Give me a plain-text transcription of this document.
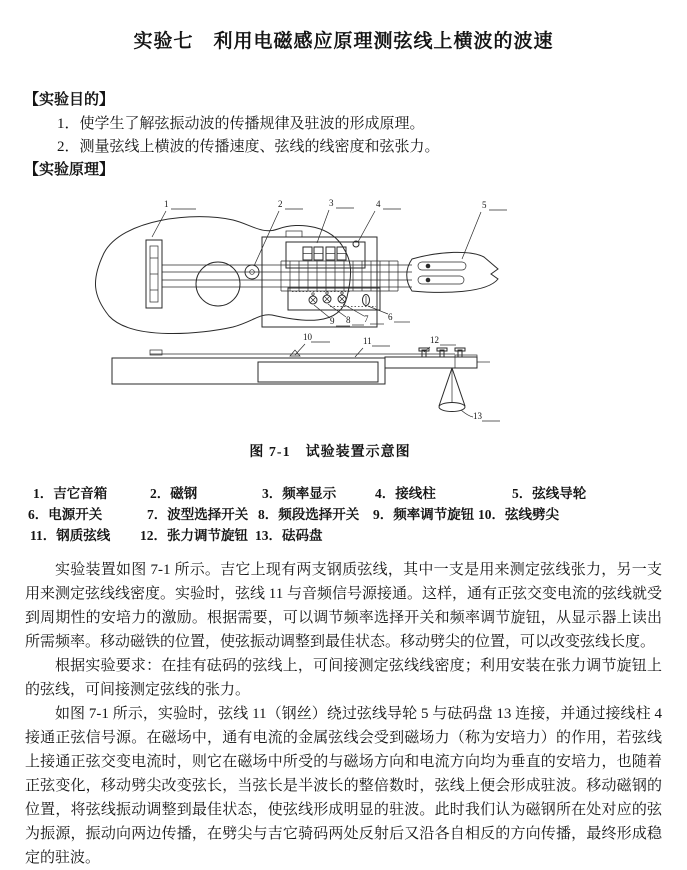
实验七　利用电磁感应原理测弦线上横波的波速
【实验目的】
1．使学生了解弦振动波的传播规律及驻波的形成原理。
2．测量弦线上横波的传播速度、弦线的线密度和弦张力。
【实验原理】
1	2	3	4	5
6
7
8
9
10	11	12
13
图 7-1　试验装置示意图
1．吉它音箱	2．磁钢	3．频率显示	4．接线柱	5．弦线导轮
6．电源开关	7．波型选择开关 8．频段选择开关 9．频率调节旋钮 10．弦线劈尖
11．钢质弦线 12．张力调节旋钮 13．砝码盘

实验装置如图 7-1 所示。吉它上现有两支钢质弦线，其中一支是用来测定弦线张力，另一支用来测定弦线线密度。实验时，弦线 11 与音频信号源接通。这样，通有正弦交变电流的弦线就受到周期性的安培力的激励。根据需要，可以调节频率选择开关和频率调节旋钮，从显示器上读出所需频率。移动磁铁的位置，使弦振动调整到最佳状态。移动劈尖的位置，可以改变弦线长度。

根据实验要求：在挂有砝码的弦线上，可间接测定弦线线密度；利用安装在张力调节旋钮上的弦线，可间接测定弦线的张力。

如图 7-1 所示，实验时，弦线 11（钢丝）绕过弦线导轮 5 与砝码盘 13 连接，并通过接线柱 4 接通正弦信号源。在磁场中，通有电流的金属弦线会受到磁场力（称为安培力）的作用，若弦线上接通正弦交变电流时，则它在磁场中所受的与磁场方向和电流方向均为垂直的安培力，也随着正弦变化，移动劈尖改变弦长，当弦长是半波长的整倍数时，弦线上便会形成驻波。移动磁钢的位置，将弦线振动调整到最佳状态，使弦线形成明显的驻波。此时我们认为磁钢所在处对应的弦为振源，振动向两边传播，在劈尖与吉它骑码两处反射后又沿各自相反的方向传播，最终形成稳定的驻波。
